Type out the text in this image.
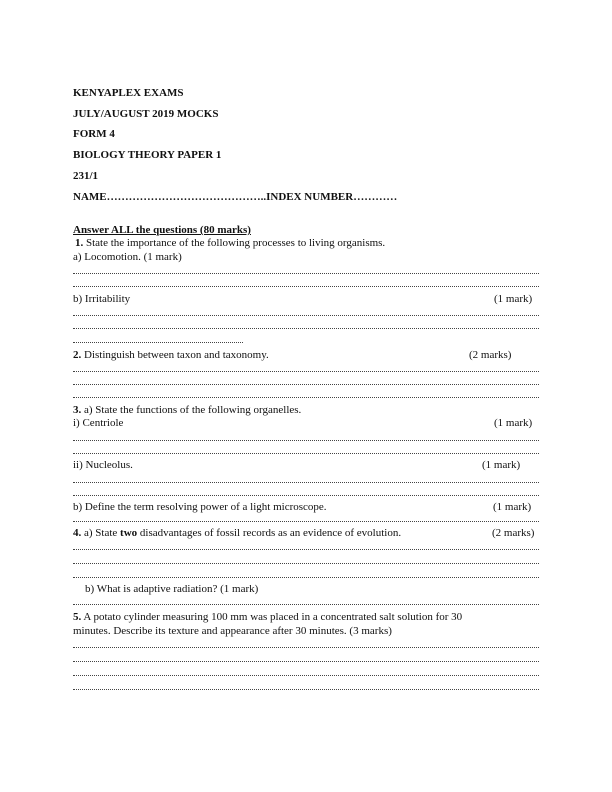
KENYAPLEX EXAMS
JULY/AUGUST 2019 MOCKS
FORM 4
BIOLOGY THEORY PAPER 1
231/1
NAME……………………………………..INDEX NUMBER…………
Answer ALL the questions (80 marks)
1. State the importance of the following processes to living organisms.
a) Locomotion. (1 mark)
b) Irritability	(1 mark)
2. Distinguish between taxon and taxonomy.	(2 marks)
3. a) State the functions of the following organelles.
i) Centriole	(1 mark)
ii) Nucleolus.	(1 mark)
b) Define the term resolving power of a light microscope.	(1 mark)
4. a) State two disadvantages of fossil records as an evidence of evolution.	(2 marks)
b) What is adaptive radiation? (1 mark)
5. A potato cylinder measuring 100 mm was placed in a concentrated salt solution for 30
minutes. Describe its texture and appearance after 30 minutes. (3 marks)
